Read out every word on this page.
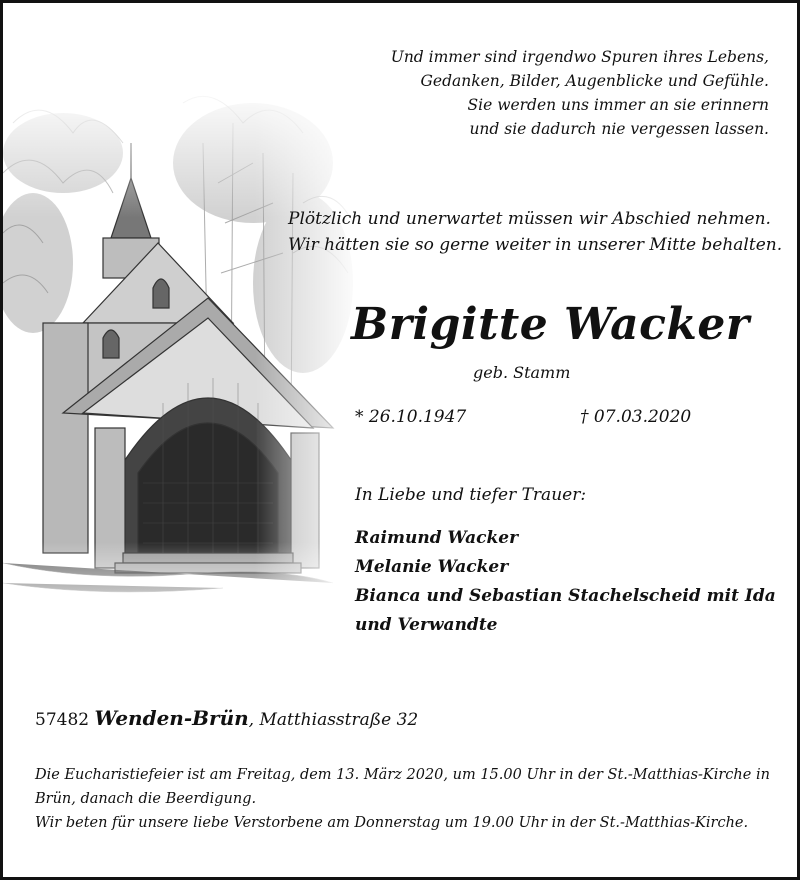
Und immer sind irgendwo Spuren ihres Lebens,
Gedanken, Bilder, Augenblicke und Gefühle.
Sie werden uns immer an sie erinnern
und sie dadurch nie vergessen lassen.
Plötzlich und unerwartet müssen wir Abschied nehmen.
Wir hätten sie so gerne weiter in unserer Mitte behalten.
Brigitte Wacker
geb. Stamm
* 26.10.1947	† 07.03.2020
In Liebe und tiefer Trauer:
Raimund Wacker
Melanie Wacker
Bianca und Sebastian Stachelscheid mit Ida
und Verwandte
57482 Wenden-Brün, Matthiasstraße 32
Die Eucharistiefeier ist am Freitag, dem 13. März 2020, um 15.00 Uhr in der St.-Matthias-Kirche in
Brün, danach die Beerdigung.
Wir beten für unsere liebe Verstorbene am Donnerstag um 19.00 Uhr in der St.-Matthias-Kirche.
